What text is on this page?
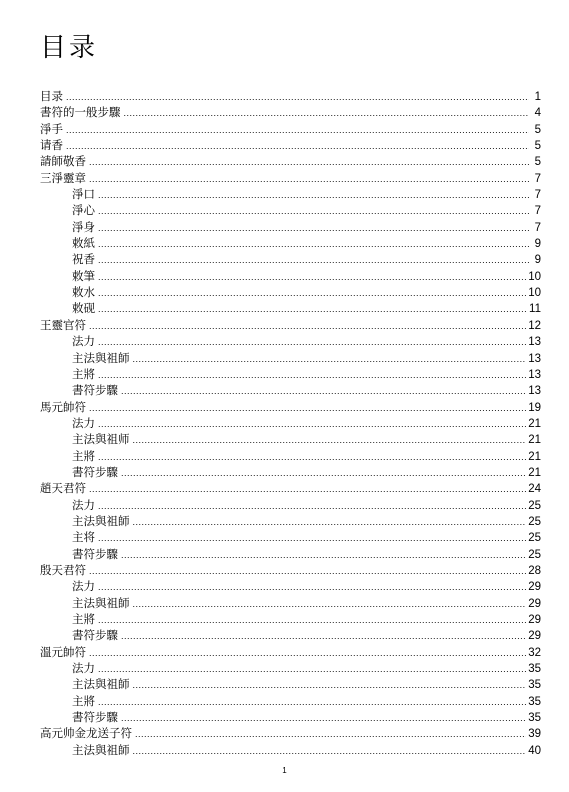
目录
目录 .....	1
書符的一般步驟 .....	4
淨手 .....	5
请香 .....	5
請師敬香 .....	5
三淨靈章 .....	7
淨口 .....	7
淨心 .....	7
淨身 .....	7
敕紙 .....	9
祝香 .....	9
敕筆 .....	10
敕水 .....	10
敕砚 .....	11
王靈官符 .....	12
法力 .....	13
主法與祖師 .....	13
主將 .....	13
書符步驟 .....	13
馬元帥符 .....	19
法力 .....	21
主法與祖师 .....	21
主將 .....	21
書符步驟 .....	21
趙天君符 .....	24
法力 .....	25
主法與祖師 .....	25
主将 .....	25
書符步驟 .....	25
殷天君符 .....	28
法力 .....	29
主法與祖師 .....	29
主將 .....	29
書符步驟 .....	29
溫元帥符 .....	32
法力 .....	35
主法與祖師 .....	35
主將 .....	35
書符步驟 .....	35
高元帅金龙送子符 .....	39
主法與祖師 .....	40
1
